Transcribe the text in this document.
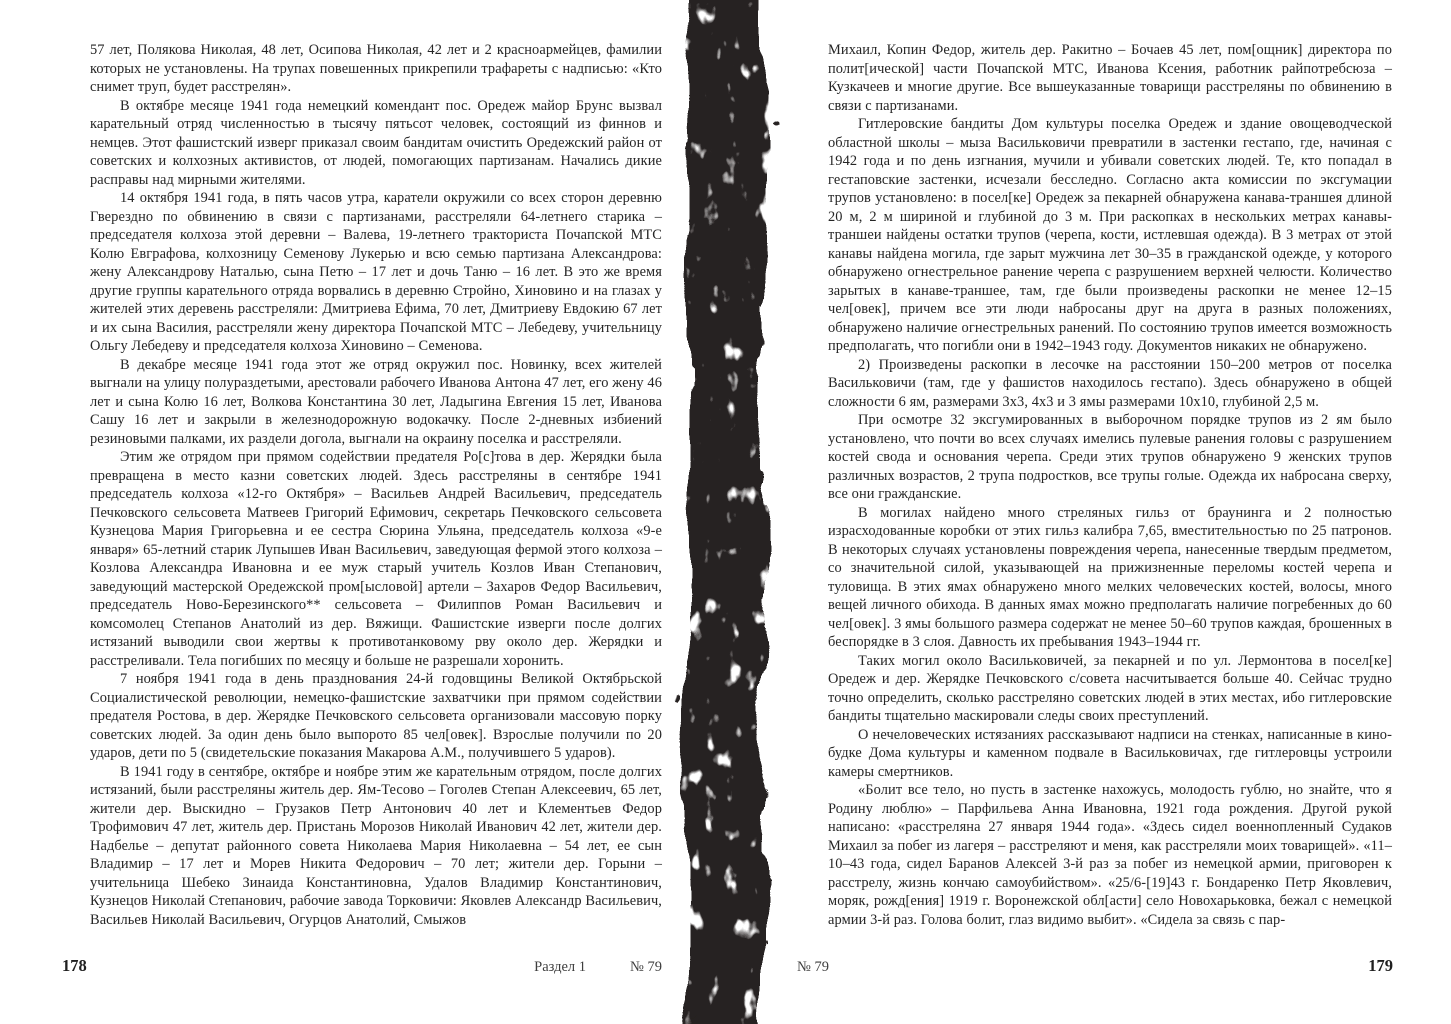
57 лет, Полякова Николая, 48 лет, Осипова Николая, 42 лет и 2 красноармейцев, фамилии которых не установлены. На трупах повешенных прикрепили трафареты с надписью: «Кто снимет труп, будет расстрелян».

В октябре месяце 1941 года немецкий комендант пос. Оредеж майор Брунс вызвал карательный отряд численностью в тысячу пятьсот человек, состоящий из финнов и немцев. Этот фашистский изверг приказал своим бандитам очистить Оредежский район от советских и колхозных активистов, от людей, помогающих партизанам. Начались дикие расправы над мирными жителями.

14 октября 1941 года, в пять часов утра, каратели окружили со всех сторон деревню Гверездно по обвинению в связи с партизанами, расстреляли 64-летнего старика – председателя колхоза этой деревни – Валева, 19-летнего тракториста Почапской МТС Колю Евграфова, колхозницу Семенову Лукерью и всю семью партизана Александрова: жену Александрову Наталью, сына Петю – 17 лет и дочь Таню – 16 лет. В это же время другие группы карательного отряда ворвались в деревню Стройно, Хиновино и на глазах у жителей этих деревень расстреляли: Дмитриева Ефима, 70 лет, Дмитриеву Евдокию 67 лет и их сына Василия, расстреляли жену директора Почапской МТС – Лебедеву, учительницу Ольгу Лебедеву и председателя колхоза Хиновино – Семенова.

В декабре месяце 1941 года этот же отряд окружил пос. Новинку, всех жителей выгнали на улицу полураздетыми, арестовали рабочего Иванова Антона 47 лет, его жену 46 лет и сына Колю 16 лет, Волкова Константина 30 лет, Ладыгина Евгения 15 лет, Иванова Сашу 16 лет и закрыли в железнодорожную водокачку. После 2-дневных избиений резиновыми палками, их раздели догола, выгнали на окраину поселка и расстреляли.

Этим же отрядом при прямом содействии предателя Ро[с]това в дер. Жерядки была превращена в место казни советских людей. Здесь расстреляны в сентябре 1941 председатель колхоза «12-го Октября» – Васильев Андрей Васильевич, председатель Печковского сельсовета Матвеев Григорий Ефимович, секретарь Печковского сельсовета Кузнецова Мария Григорьевна и ее сестра Сюрина Ульяна, председатель колхоза «9-е января» 65-летний старик Лупышев Иван Васильевич, заведующая фермой этого колхоза – Козлова Александра Ивановна и ее муж старый учитель Козлов Иван Степанович, заведующий мастерской Оредежской пром[ысловой] артели – Захаров Федор Васильевич, председатель Ново-Березинского** сельсовета – Филиппов Роман Васильевич и комсомолец Степанов Анатолий из дер. Вяжищи. Фашистские изверги после долгих истязаний выводили свои жертвы к противотанковому рву около дер. Жерядки и расстреливали. Тела погибших по месяцу и больше не разрешали хоронить.

7 ноября 1941 года в день празднования 24-й годовщины Великой Октябрьской Социалистической революции, немецко-фашистские захватчики при прямом содействии предателя Ростова, в дер. Жерядке Печковского сельсовета организовали массовую порку советских людей. За один день было выпорото 85 чел[овек]. Взрослые получили по 20 ударов, дети по 5 (свидетельские показания Макарова А.М., получившего 5 ударов).

В 1941 году в сентябре, октябре и ноябре этим же карательным отрядом, после долгих истязаний, были расстреляны житель дер. Ям-Тесово – Гоголев Степан Алексеевич, 65 лет, жители дер. Выскидно – Грузаков Петр Антонович 40 лет и Клементьев Федор Трофимович 47 лет, житель дер. Пристань Морозов Николай Иванович 42 лет, жители дер. Надбелье – депутат районного совета Николаева Мария Николаевна – 54 лет, ее сын Владимир – 17 лет и Морев Никита Федорович – 70 лет; жители дер. Горыни – учительница Шебеко Зинаида Константиновна, Удалов Владимир Константинович, Кузнецов Николай Степанович, рабочие завода Торковичи: Яковлев Александр Васильевич, Васильев Николай Васильевич, Огурцов Анатолий, Смыжов

Михаил, Копин Федор, житель дер. Ракитно – Бочаев 45 лет, пом[ощник] директора по полит[ической] части Почапской МТС, Иванова Ксения, работник райпотребсюза – Кузкачеев и многие другие. Все вышеуказанные товарищи расстреляны по обвинению в связи с партизанами.

Гитлеровские бандиты Дом культуры поселка Оредеж и здание овощеводческой областной школы – мыза Васильковичи превратили в застенки гестапо, где, начиная с 1942 года и по день изгнания, мучили и убивали советских людей. Те, кто попадал в гестаповские застенки, исчезали бесследно. Согласно акта комиссии по эксгумации трупов установлено: в посел[ке] Оредеж за пекарней обнаружена канава-траншея длиной 20 м, 2 м шириной и глубиной до 3 м. При раскопках в нескольких метрах канавы-траншеи найдены остатки трупов (черепа, кости, истлевшая одежда). В 3 метрах от этой канавы найдена могила, где зарыт мужчина лет 30–35 в гражданской одежде, у которого обнаружено огнестрельное ранение черепа с разрушением верхней челюсти. Количество зарытых в канаве-траншее, там, где были произведены раскопки не менее 12–15 чел[овек], причем все эти люди набросаны друг на друга в разных положениях, обнаружено наличие огнестрельных ранений. По состоянию трупов имеется возможность предполагать, что погибли они в 1942–1943 году. Документов никаких не обнаружено.

2) Произведены раскопки в лесочке на расстоянии 150–200 метров от поселка Васильковичи (там, где у фашистов находилось гестапо). Здесь обнаружено в общей сложности 6 ям, размерами 3х3, 4х3 и 3 ямы размерами 10х10, глубиной 2,5 м.

При осмотре 32 эксгумированных в выборочном порядке трупов из 2 ям было установлено, что почти во всех случаях имелись пулевые ранения головы с разрушением костей свода и основания черепа. Среди этих трупов обнаружено 9 женских трупов различных возрастов, 2 трупа подростков, все трупы голые. Одежда их набросана сверху, все они гражданские.

В могилах найдено много стреляных гильз от браунинга и 2 полностью израсходованные коробки от этих гильз калибра 7,65, вместительностью по 25 патронов. В некоторых случаях установлены повреждения черепа, нанесенные твердым предметом, со значительной силой, указывающей на прижизненные переломы костей черепа и туловища. В этих ямах обнаружено много мелких человеческих костей, волосы, много вещей личного обихода. В данных ямах можно предполагать наличие погребенных до 60 чел[овек]. 3 ямы большого размера содержат не менее 50–60 трупов каждая, брошенных в беспорядке в 3 слоя. Давность их пребывания 1943–1944 гг.

Таких могил около Васильковичей, за пекарней и по ул. Лермонтова в посел[ке] Оредеж и дер. Жерядке Печковского с/совета насчитывается больше 40. Сейчас трудно точно определить, сколько расстреляно советских людей в этих местах, ибо гитлеровские бандиты тщательно маскировали следы своих преступлений.

О нечеловеческих истязаниях рассказывают надписи на стенках, написанные в кино-будке Дома культуры и каменном подвале в Васильковичах, где гитлеровцы устроили камеры смертников.

«Болит все тело, но пусть в застенке нахожусь, молодость гублю, но знайте, что я Родину люблю» – Парфильева Анна Ивановна, 1921 года рождения. Другой рукой написано: «расстреляна 27 января 1944 года». «Здесь сидел военнопленный Судаков Михаил за побег из лагеря – расстреляют и меня, как расстреляли моих товарищей». «11–10–43 года, сидел Баранов Алексей 3-й раз за побег из немецкой армии, приговорен к расстрелу, жизнь кончаю самоубийством». «25/6-[19]43 г. Бондаренко Петр Яковлевич, моряк, рожд[ения] 1919 г. Воронежской обл[асти] село Новохарьковка, бежал с немецкой армии 3-й раз. Голова болит, глаз видимо выбит». «Сидела за связь с пар-

178	Раздел 1	№ 79	№ 79	179
